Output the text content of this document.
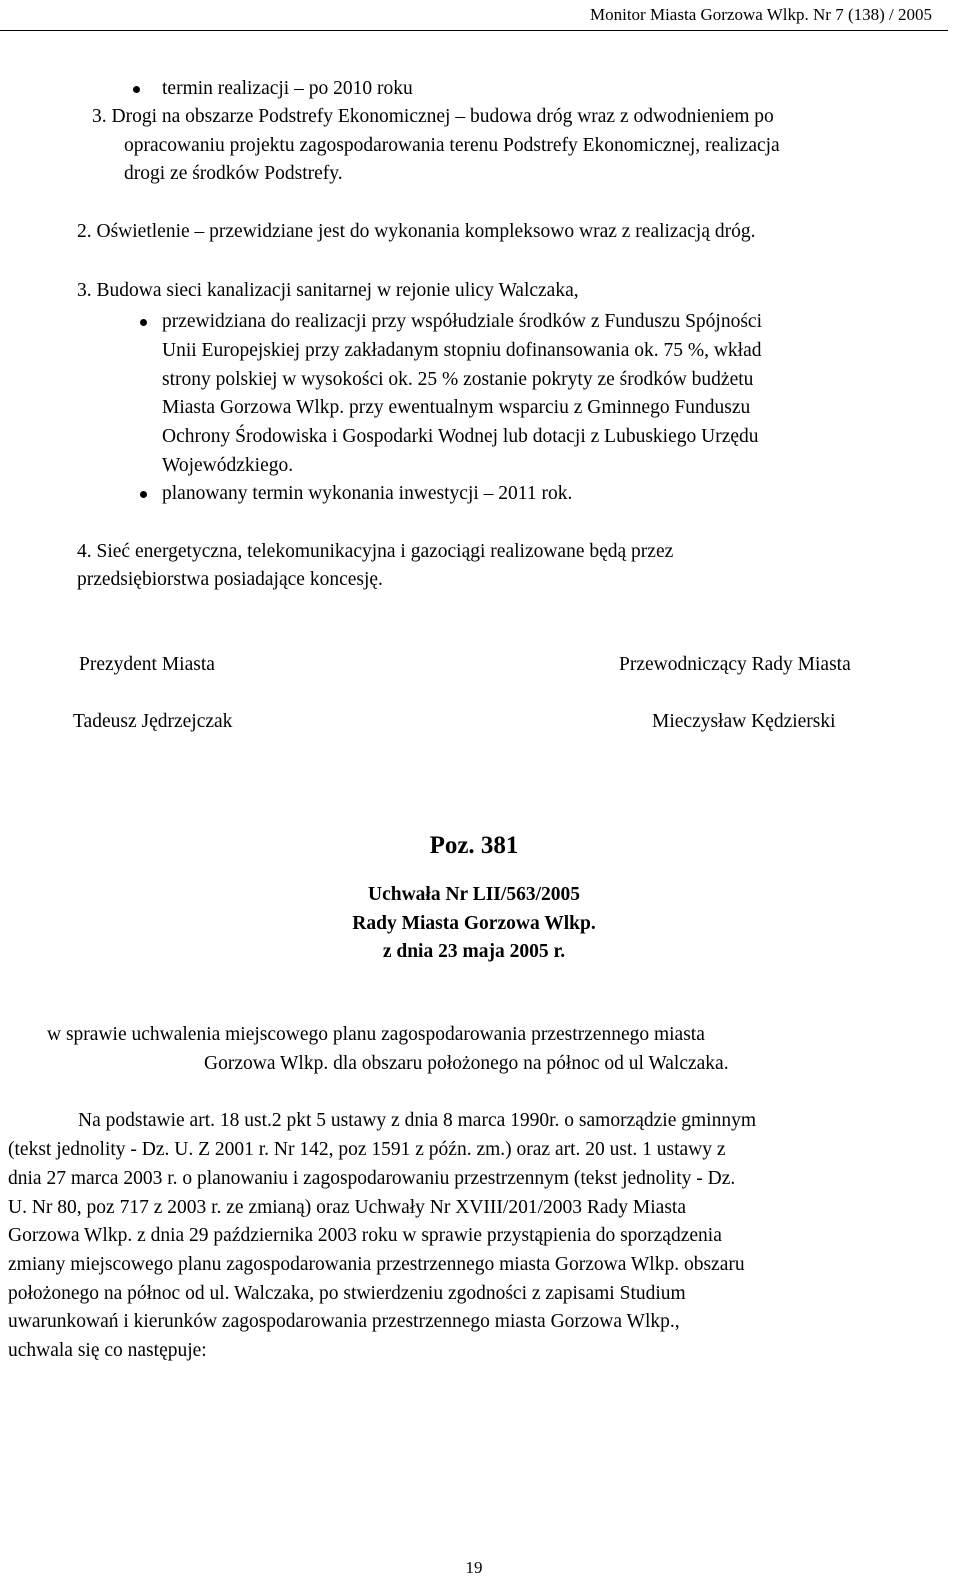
Monitor Miasta Gorzowa Wlkp. Nr 7 (138) / 2005
termin realizacji – po 2010 roku
3. Drogi na obszarze Podstrefy Ekonomicznej – budowa dróg wraz z odwodnieniem po
opracowaniu projektu zagospodarowania terenu Podstrefy Ekonomicznej, realizacja
drogi ze środków Podstrefy.
2. Oświetlenie – przewidziane jest do wykonania kompleksowo wraz z realizacją dróg.
3. Budowa sieci kanalizacji sanitarnej w rejonie ulicy Walczaka,
przewidziana do realizacji przy współudziale środków z Funduszu Spójności
Unii Europejskiej przy zakładanym stopniu dofinansowania ok. 75 %, wkład
strony polskiej w wysokości ok. 25 % zostanie pokryty ze środków budżetu
Miasta Gorzowa Wlkp. przy ewentualnym wsparciu z Gminnego Funduszu
Ochrony Środowiska i Gospodarki Wodnej lub dotacji z Lubuskiego Urzędu
Wojewódzkiego.
planowany termin wykonania inwestycji – 2011 rok.
4. Sieć energetyczna, telekomunikacyjna i gazociągi realizowane będą przez
przedsiębiorstwa posiadające koncesję.
Prezydent Miasta
Tadeusz Jędrzejczak
Przewodniczący Rady Miasta
Mieczysław Kędzierski
Poz. 381
Uchwała Nr LII/563/2005
Rady Miasta Gorzowa Wlkp.
z dnia 23 maja 2005 r.
w sprawie uchwalenia miejscowego planu zagospodarowania przestrzennego miasta
Gorzowa Wlkp. dla obszaru położonego na północ od ul Walczaka.
Na podstawie art. 18 ust.2 pkt 5 ustawy z dnia 8 marca 1990r. o samorządzie gminnym
(tekst jednolity - Dz. U. Z 2001 r. Nr 142, poz 1591 z późn. zm.) oraz art. 20 ust. 1 ustawy z
dnia 27 marca 2003 r. o planowaniu i zagospodarowaniu przestrzennym (tekst jednolity - Dz.
U. Nr 80, poz 717 z 2003 r. ze zmianą) oraz Uchwały Nr XVIII/201/2003 Rady Miasta
Gorzowa Wlkp. z dnia 29 października 2003 roku w sprawie przystąpienia do sporządzenia
zmiany miejscowego planu zagospodarowania przestrzennego miasta Gorzowa Wlkp. obszaru
położonego na północ od ul. Walczaka, po stwierdzeniu zgodności z zapisami Studium
uwarunkowań i kierunków zagospodarowania przestrzennego miasta Gorzowa Wlkp.,
uchwala się co następuje:
19
